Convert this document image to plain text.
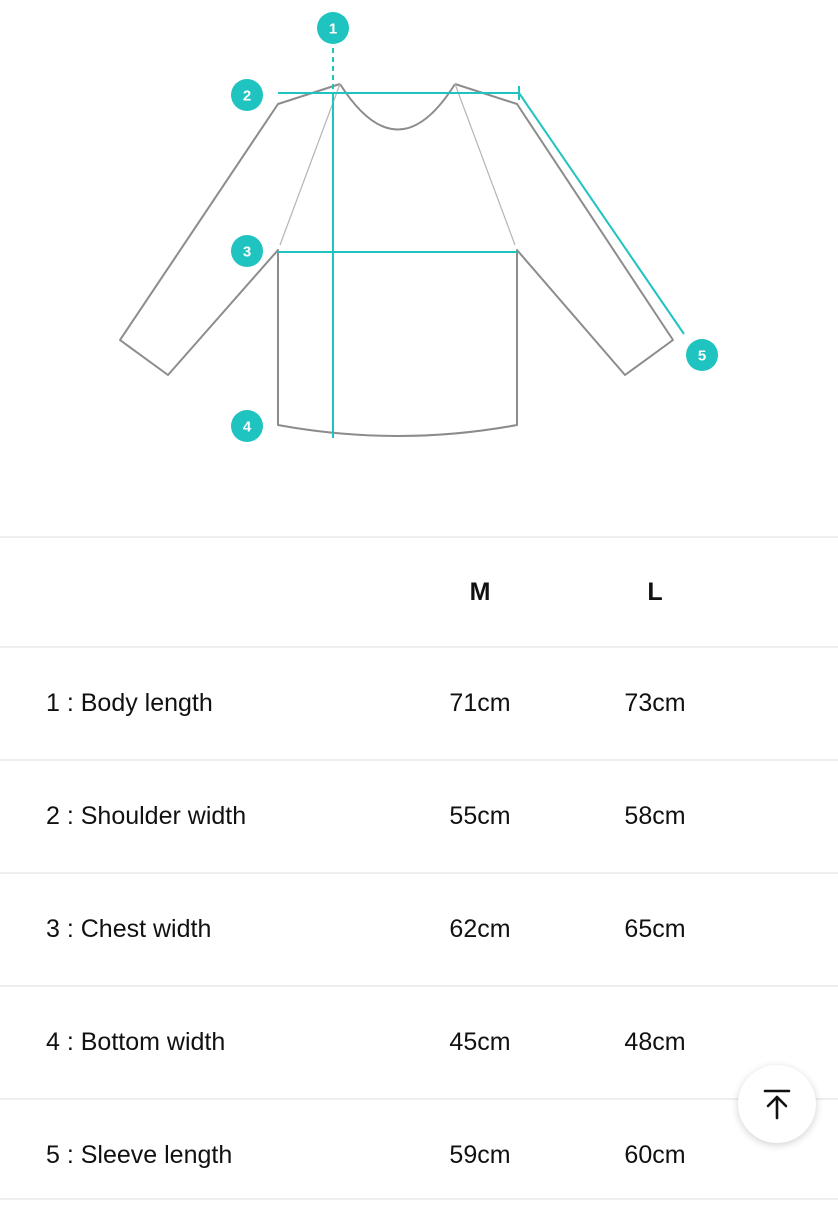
1
2
3
4
5
M	L
1 : Body length	71cm	73cm
2 : Shoulder width	55cm	58cm
3 : Chest width	62cm	65cm
4 : Bottom width	45cm	48cm
5 : Sleeve length	59cm	60cm
